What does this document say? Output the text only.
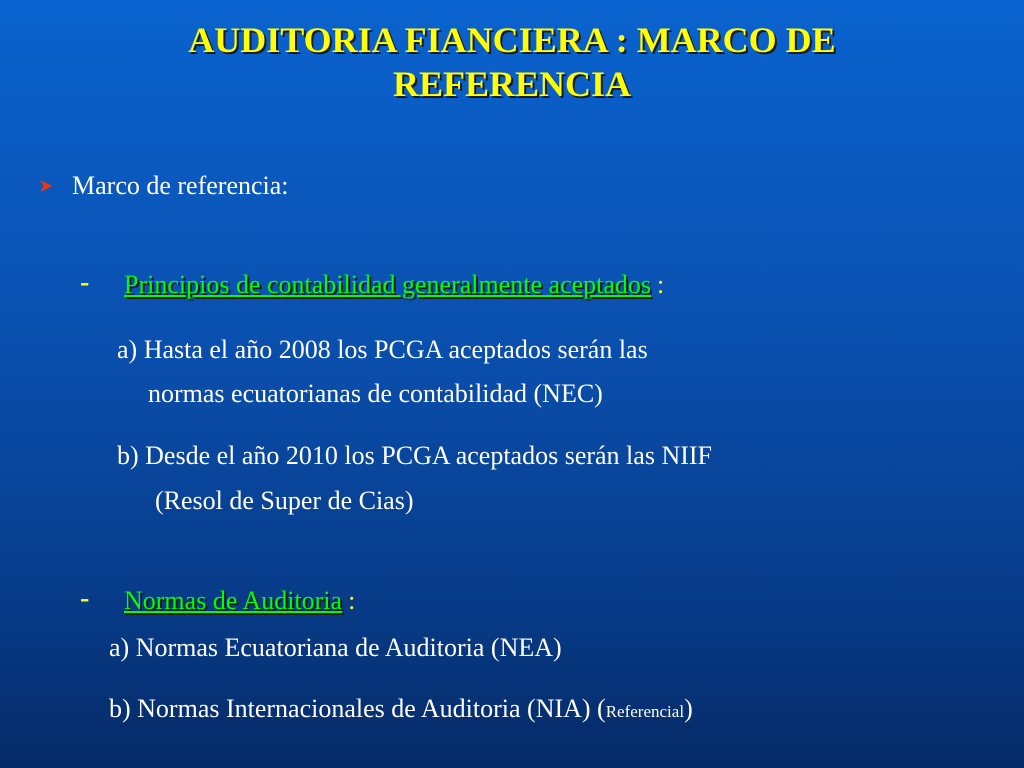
AUDITORIA FIANCIERA : MARCO DE
REFERENCIA
Marco de referencia:
- Principios de contabilidad generalmente aceptados :
a) Hasta el año 2008 los PCGA aceptados serán las
normas ecuatorianas de contabilidad (NEC)
b) Desde el año 2010 los PCGA aceptados serán las NIIF
(Resol de Super de Cias)
- Normas de Auditoria :
a) Normas Ecuatoriana de Auditoria (NEA)
b) Normas Internacionales de Auditoria (NIA) (Referencial)
